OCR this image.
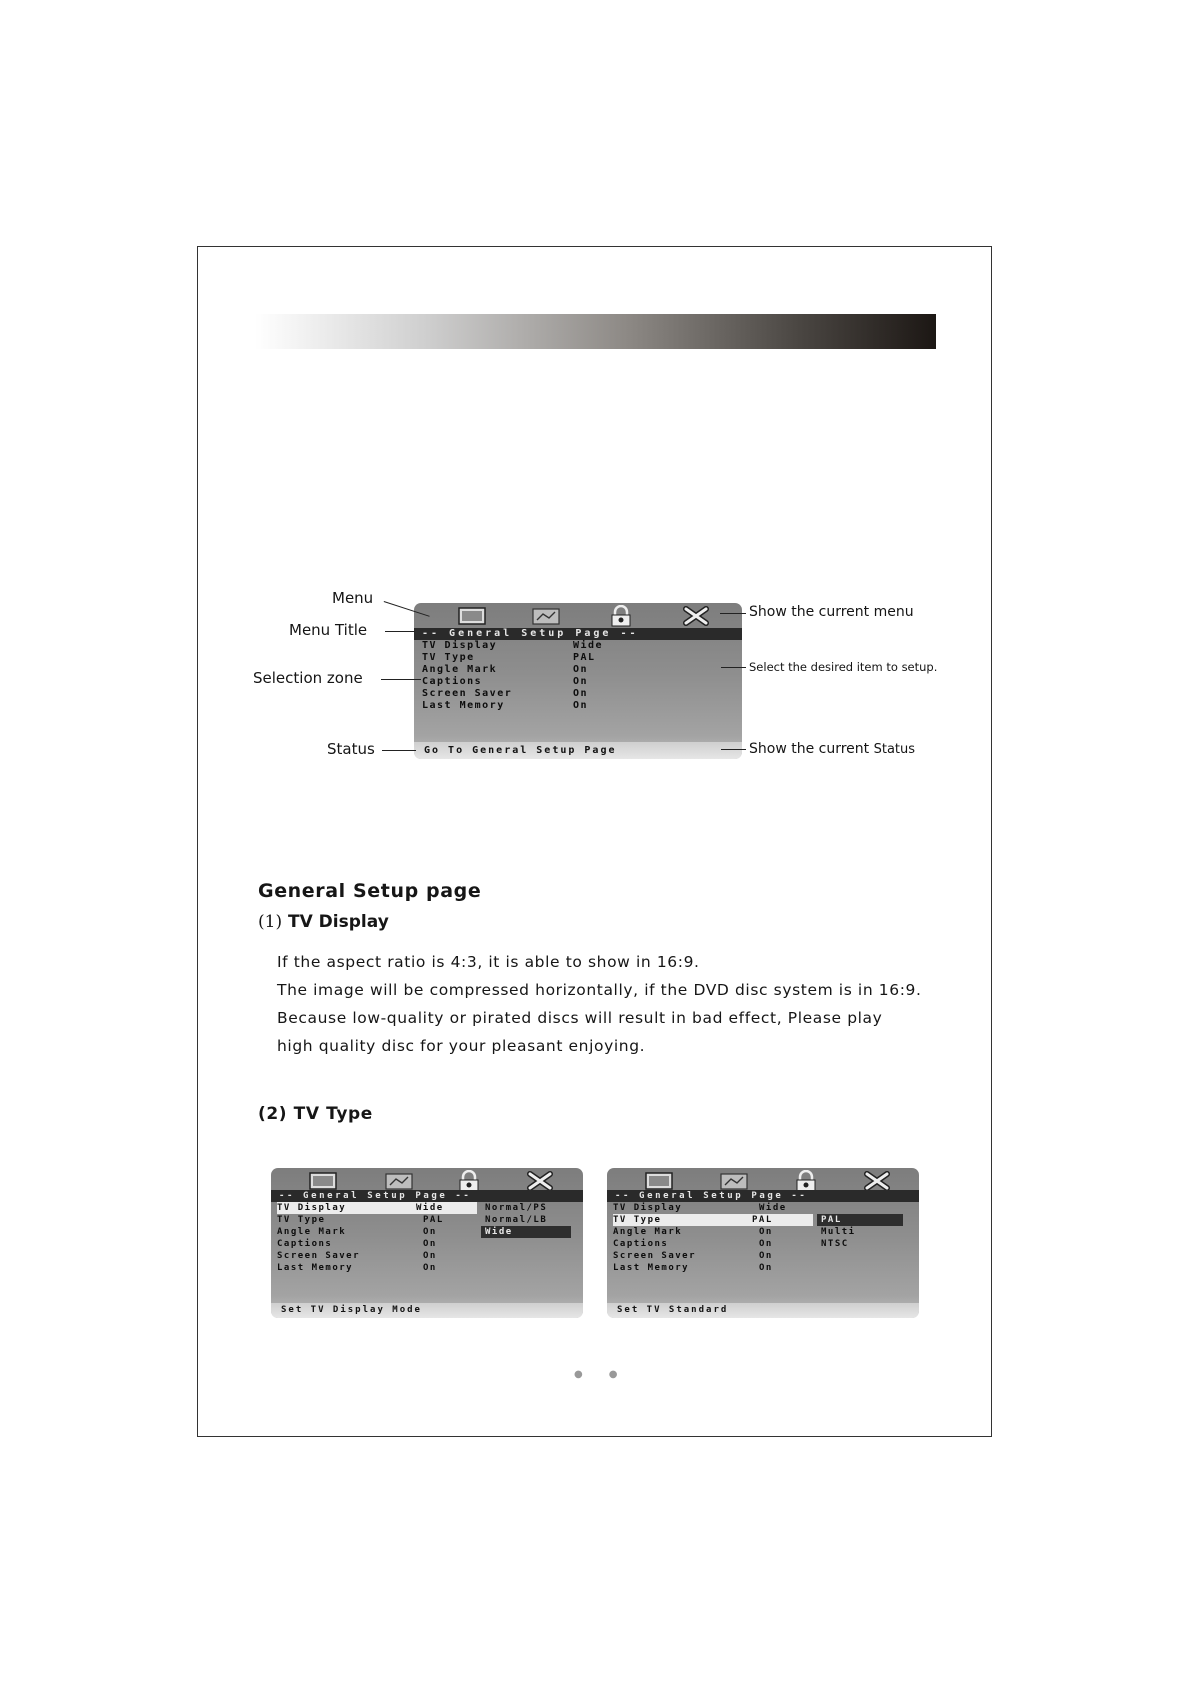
-- General Setup Page --
TV Display	Wide
TV Type	PAL
Angle Mark	On
Captions	On
Screen Saver	On
Last Memory	On
Go To General Setup Page
Menu
Menu Title
Selection zone
Status
Show the current menu
Select the desired item to setup.
Show the current Status
General Setup page
(1) TV Display
If the aspect ratio is 4:3, it is able to show in 16:9.
The image will be compressed horizontally, if the DVD disc system is in 16:9.
Because low-quality or pirated discs will result in bad effect, Please play
high quality disc for your pleasant enjoying.
(2) TV Type
-- General Setup Page --
TV Display	Wide
TV Type	PAL
Angle Mark	On
Captions	On
Screen Saver	On
Last Memory	On
Normal/PS
Normal/LB
Wide
Set TV Display Mode
-- General Setup Page --
TV Display	Wide
TV Type	PAL
Angle Mark	On
Captions	On
Screen Saver	On
Last Memory	On
PAL
Multi
NTSC
Set TV Standard
●●
